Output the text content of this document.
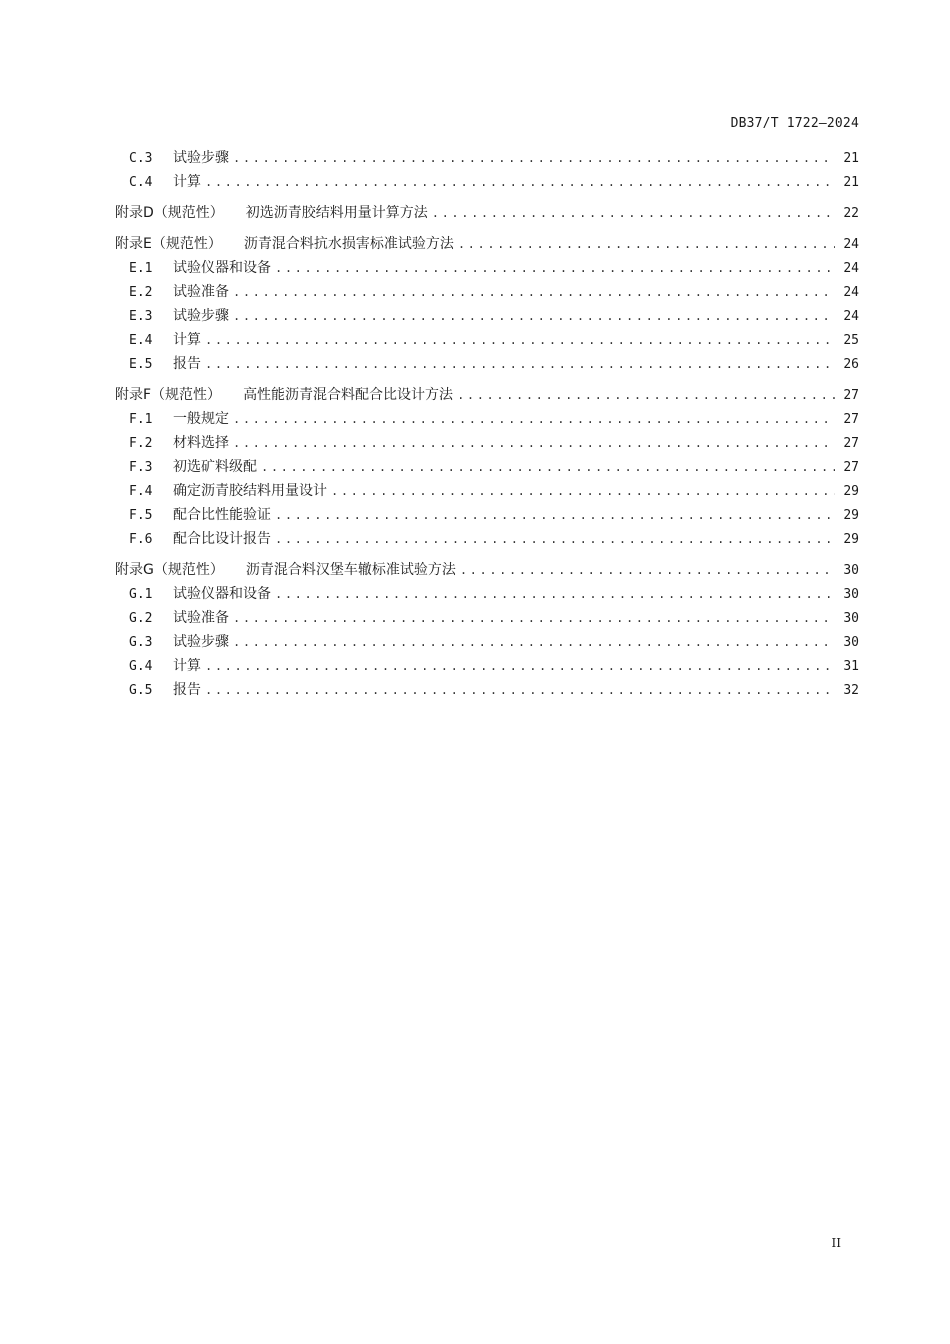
DB37/T 1722—2024
C.3	试验步骤 .....	21
C.4	计算 .....	21
附录D（规范性） 初选沥青胶结料用量计算方法 .....	22
附录E（规范性） 沥青混合料抗水损害标准试验方法 .....	24
E.1	试验仪器和设备 .....	24
E.2	试验准备 .....	24
E.3	试验步骤 .....	24
E.4	计算 .....	25
E.5	报告 .....	26
附录F（规范性） 高性能沥青混合料配合比设计方法 .....	27
F.1	一般规定 .....	27
F.2	材料选择 .....	27
F.3	初选矿料级配 .....	27
F.4	确定沥青胶结料用量设计 .....	29
F.5	配合比性能验证 .....	29
F.6	配合比设计报告 .....	29
附录G（规范性） 沥青混合料汉堡车辙标准试验方法 .....	30
G.1	试验仪器和设备 .....	30
G.2	试验准备 .....	30
G.3	试验步骤 .....	30
G.4	计算 .....	31
G.5	报告 .....	32
II
